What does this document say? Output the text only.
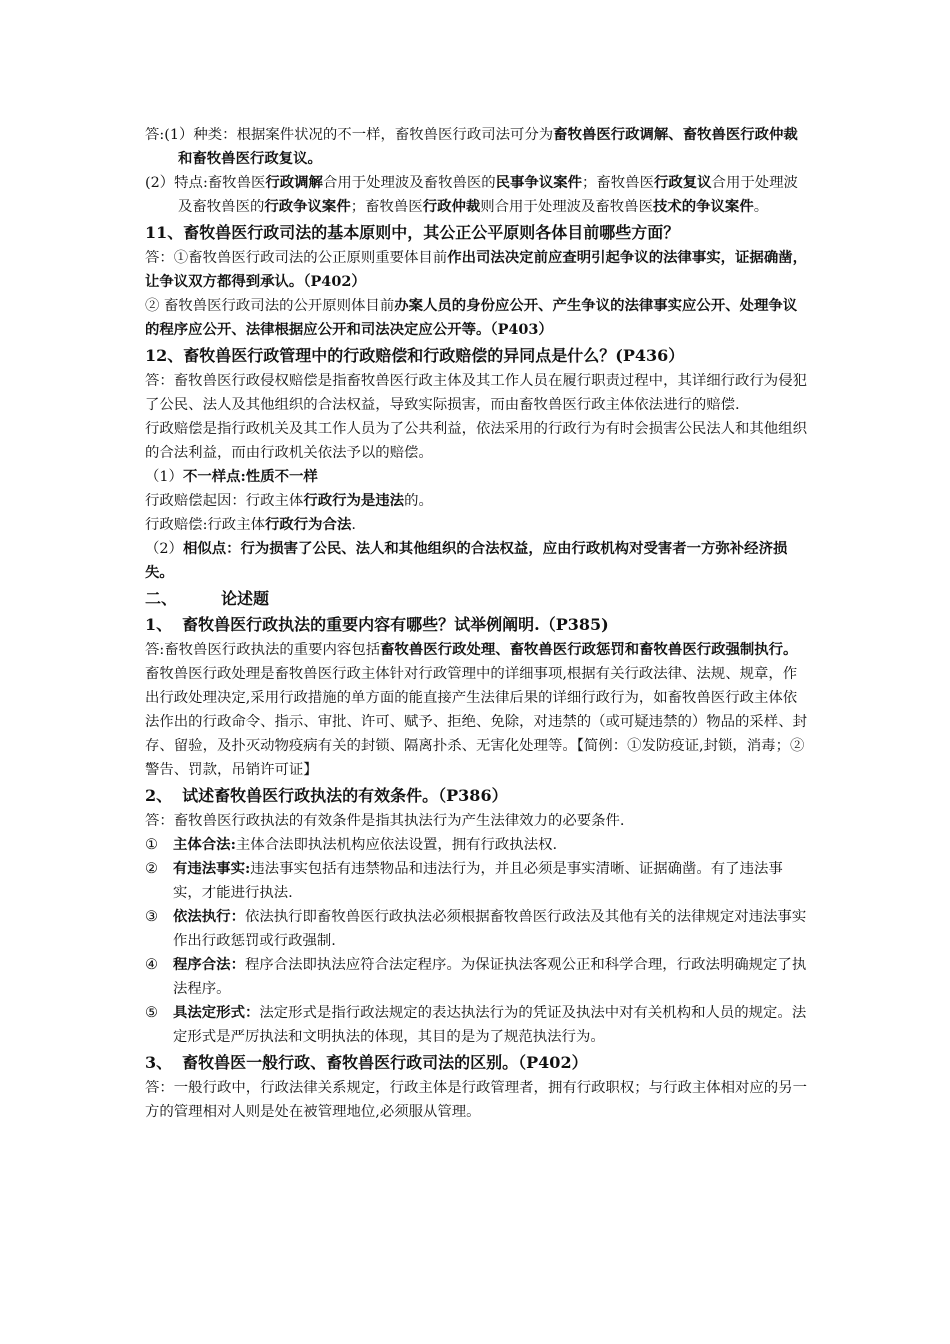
答:(1）种类：根据案件状况的不一样，畜牧兽医行政司法可分为畜牧兽医行政调解、畜牧兽医行政仲裁和畜牧兽医行政复议。

(2）特点:畜牧兽医行政调解合用于处理波及畜牧兽医的民事争议案件；畜牧兽医行政复议合用于处理波及畜牧兽医的行政争议案件；畜牧兽医行政仲裁则合用于处理波及畜牧兽医技术的争议案件。

11、畜牧兽医行政司法的基本原则中，其公正公平原则各体目前哪些方面？

答：①畜牧兽医行政司法的公正原则重要体目前作出司法决定前应查明引起争议的法律事实，证据确凿，让争议双方都得到承认。（P402）

② 畜牧兽医行政司法的公开原则体目前办案人员的身份应公开、产生争议的法律事实应公开、处理争议的程序应公开、法律根据应公开和司法决定应公开等。（P403）

12、畜牧兽医行政管理中的行政赔偿和行政赔偿的异同点是什么？(P436）

答：畜牧兽医行政侵权赔偿是指畜牧兽医行政主体及其工作人员在履行职责过程中，其详细行政行为侵犯了公民、法人及其他组织的合法权益，导致实际损害，而由畜牧兽医行政主体依法进行的赔偿.

行政赔偿是指行政机关及其工作人员为了公共利益，依法采用的行政行为有时会损害公民法人和其他组织的合法利益，而由行政机关依法予以的赔偿。

（1）不一样点:性质不一样

行政赔偿起因：行政主体行政行为是违法的。

行政赔偿:行政主体行政行为合法.

（2）相似点：行为损害了公民、法人和其他组织的合法权益，应由行政机构对受害者一方弥补经济损失。

二、	论述题

1、 畜牧兽医行政执法的重要内容有哪些？试举例阐明.（P385)

答:畜牧兽医行政执法的重要内容包括畜牧兽医行政处理、畜牧兽医行政惩罚和畜牧兽医行政强制执行。

畜牧兽医行政处理是畜牧兽医行政主体针对行政管理中的详细事项,根据有关行政法律、法规、规章，作出行政处理决定,采用行政措施的单方面的能直接产生法律后果的详细行政行为，如畜牧兽医行政主体依法作出的行政命令、指示、审批、许可、赋予、拒绝、免除，对违禁的（或可疑违禁的）物品的采样、封存、留验，及扑灭动物疫病有关的封锁、隔离扑杀、无害化处理等。【简例：①发防疫证,封锁，消毒；②警告、罚款，吊销许可证】

2、 试述畜牧兽医行政执法的有效条件。（P386）

答：畜牧兽医行政执法的有效条件是指其执法行为产生法律效力的必要条件.

① 主体合法:主体合法即执法机构应依法设置，拥有行政执法权.

② 有违法事实:违法事实包括有违禁物品和违法行为，并且必须是事实清晰、证据确凿。有了违法事实，才能进行执法.

③ 依法执行：依法执行即畜牧兽医行政执法必须根据畜牧兽医行政法及其他有关的法律规定对违法事实作出行政惩罚或行政强制.

④ 程序合法：程序合法即执法应符合法定程序。为保证执法客观公正和科学合理，行政法明确规定了执法程序。

⑤ 具法定形式：法定形式是指行政法规定的表达执法行为的凭证及执法中对有关机构和人员的规定。法定形式是严厉执法和文明执法的体现，其目的是为了规范执法行为。

3、 畜牧兽医一般行政、畜牧兽医行政司法的区别。（P402）

答：一般行政中，行政法律关系规定，行政主体是行政管理者，拥有行政职权；与行政主体相对应的另一方的管理相对人则是处在被管理地位,必须服从管理。
